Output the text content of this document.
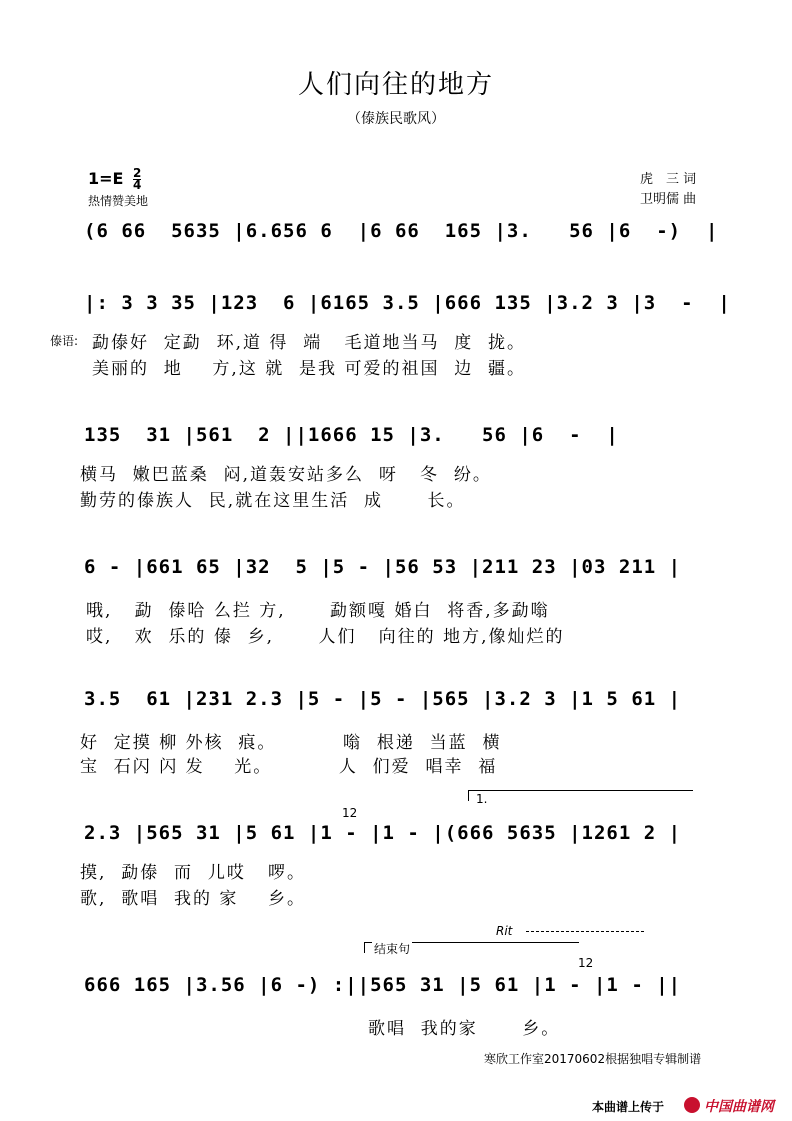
人们向往的地方
（傣族民歌风）
$1=E \frac{2}{4}$
热情赞美地
虎　三 词
卫明儒 曲
(6 66  5635 |6.656 6  |6 66  165 |3.   56 |6  -)  |
|: 3 3 35 |123  6 |6165 3.5 |666 135 |3.2 3 |3  -  |
傣语: 勐傣好  定勐  环,道 得  端   毛道地当马  度  拢。
美丽的  地    方,这 就  是我 可爱的祖国  边  疆。
135  31 |561  2 ||1666 15 |3.   56 |6  -  |
横马  嫩巴蓝桑  闷,道轰安站多么  呀   冬  纷。
勤劳的傣族人  民,就在这里生活  成      长。
6 - |661 65 |32  5 |5 - |56 53 |211 23 |03 211 |
哦,   勐  傣哈 么拦 方,      勐额嘎 婚白  将香,多勐嗡
哎,   欢  乐的 傣  乡,      人们   向往的 地方,像灿烂的
3.5  61 |231 2.3 |5 - |5 - |565 |3.2 3 |1 5 61 |
好  定摸 柳 外核  痕。         嗡  根递  当蓝  横
宝  石闪 闪 发    光。         人  们爱  唱幸  福
1.
12
2.3 |565 31 |5 61 |1 - |1 - |(666 5635 |1261 2 |
摸,  勐傣  而  儿哎   啰。
歌,  歌唱  我的 家    乡。
Rit
结束句
12
666 165 |3.56 |6 -) :||565 31 |5 61 |1 - |1 - ||
歌唱  我的家      乡。
寒欣工作室20170602根据独唱专辑制谱
本曲谱上传于	中国曲谱网
